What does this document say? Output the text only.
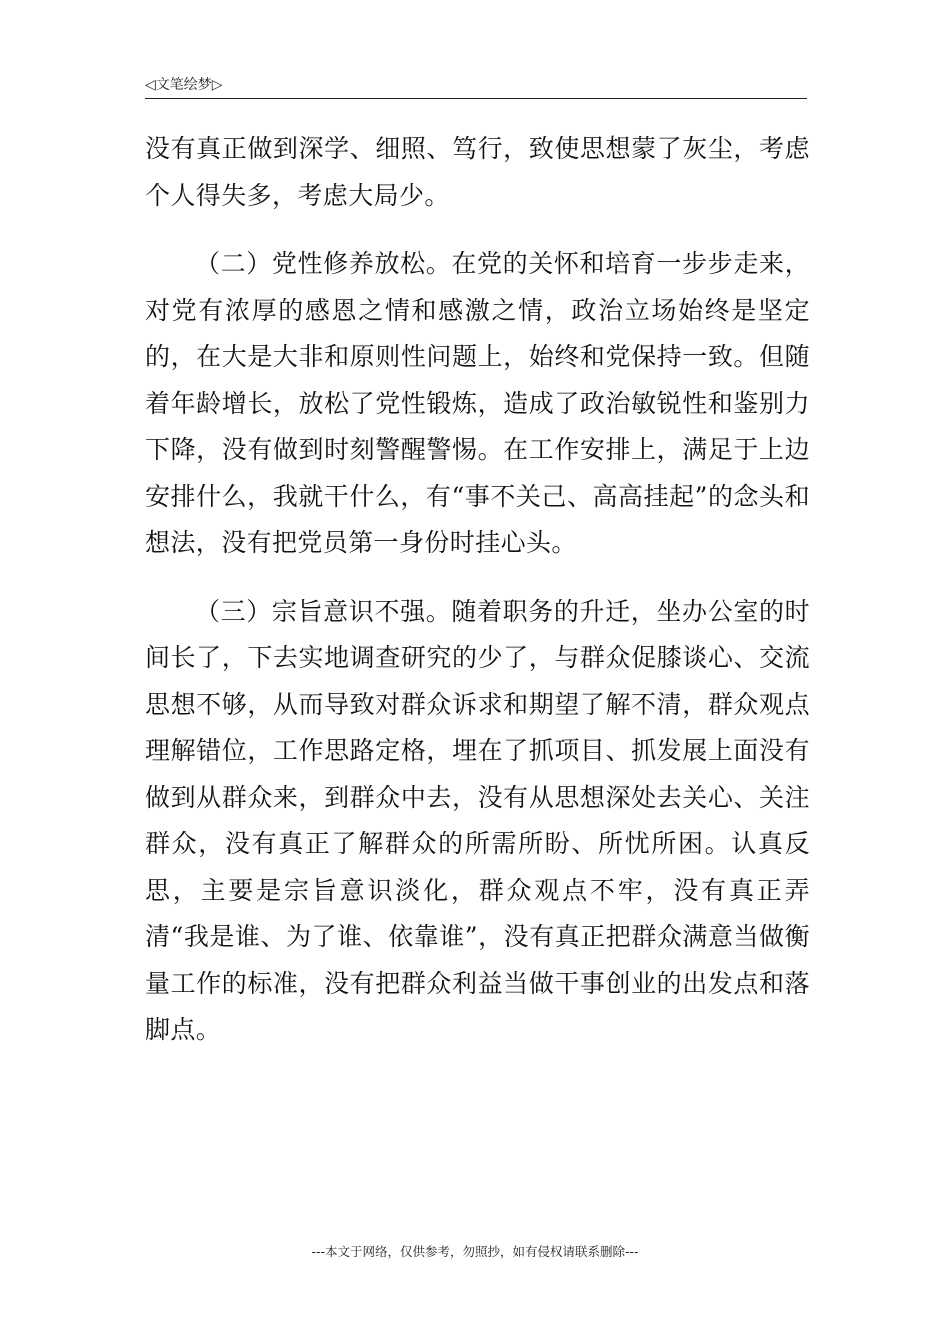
◁文笔绘梦▷

没有真正做到深学、细照、笃行，致使思想蒙了灰尘，考虑个人得失多，考虑大局少。

（二）党性修养放松。在党的关怀和培育一步步走来，对党有浓厚的感恩之情和感激之情，政治立场始终是坚定的，在大是大非和原则性问题上，始终和党保持一致。但随着年龄增长，放松了党性锻炼，造成了政治敏锐性和鉴别力下降，没有做到时刻警醒警惕。在工作安排上，满足于上边安排什么，我就干什么，有“事不关己、高高挂起”的念头和想法，没有把党员第一身份时挂心头。

（三）宗旨意识不强。随着职务的升迁，坐办公室的时间长了，下去实地调查研究的少了，与群众促膝谈心、交流思想不够，从而导致对群众诉求和期望了解不清，群众观点理解错位，工作思路定格，埋在了抓项目、抓发展上面没有做到从群众来，到群众中去，没有从思想深处去关心、关注群众，没有真正了解群众的所需所盼、所忧所困。认真反思，主要是宗旨意识淡化，群众观点不牢，没有真正弄清“我是谁、为了谁、依靠谁”，没有真正把群众满意当做衡量工作的标准，没有把群众利益当做干事创业的出发点和落脚点。

---本文于网络，仅供参考，勿照抄，如有侵权请联系删除---
